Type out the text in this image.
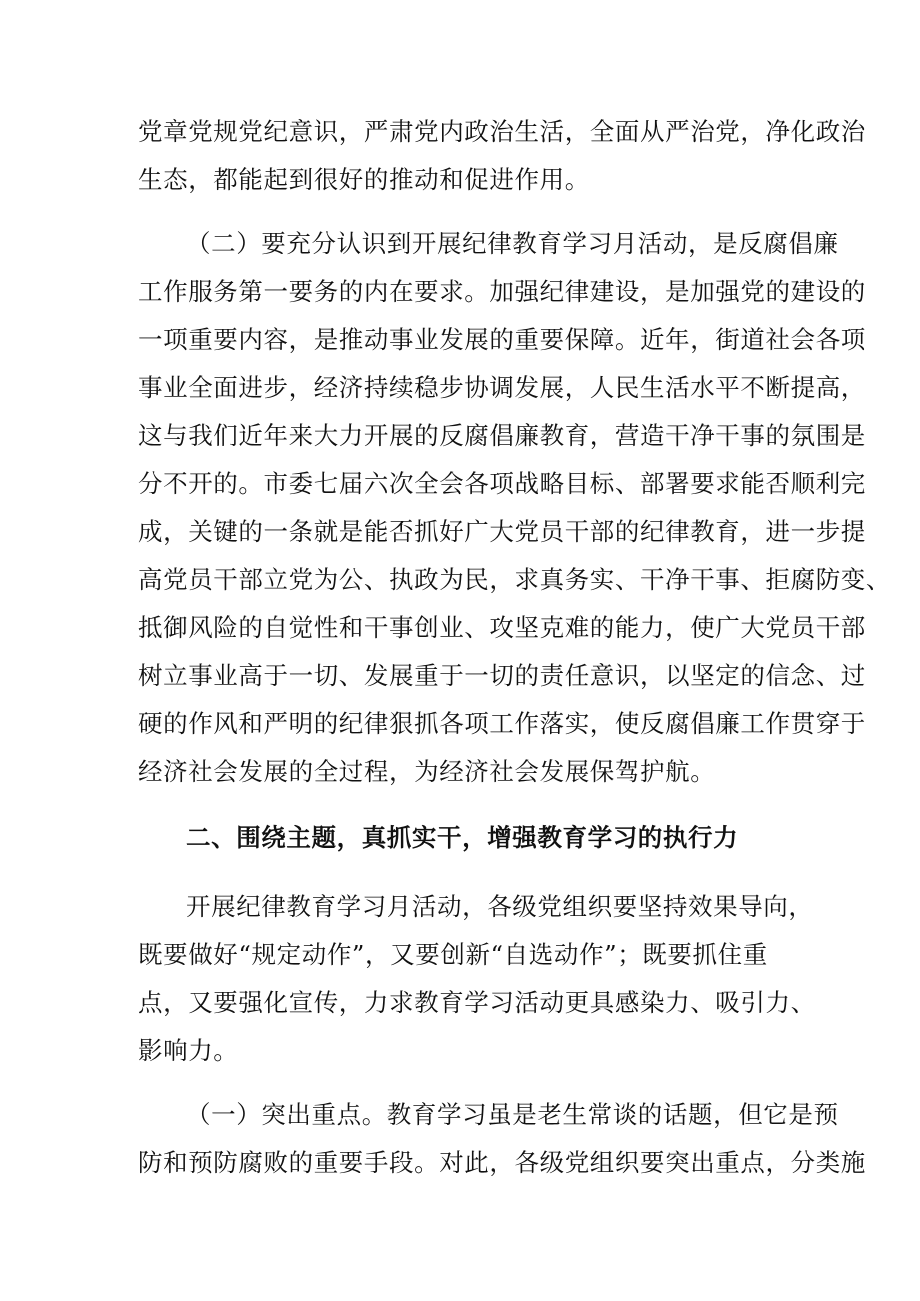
党章党规党纪意识，严肃党内政治生活，全面从严治党，净化政治
生态，都能起到很好的推动和促进作用。
（二）要充分认识到开展纪律教育学习月活动，是反腐倡廉
工作服务第一要务的内在要求。加强纪律建设，是加强党的建设的
一项重要内容，是推动事业发展的重要保障。近年，街道社会各项
事业全面进步，经济持续稳步协调发展，人民生活水平不断提高，
这与我们近年来大力开展的反腐倡廉教育，营造干净干事的氛围是
分不开的。市委七届六次全会各项战略目标、部署要求能否顺利完
成，关键的一条就是能否抓好广大党员干部的纪律教育，进一步提
高党员干部立党为公、执政为民，求真务实、干净干事、拒腐防变、
抵御风险的自觉性和干事创业、攻坚克难的能力，使广大党员干部
树立事业高于一切、发展重于一切的责任意识，以坚定的信念、过
硬的作风和严明的纪律狠抓各项工作落实，使反腐倡廉工作贯穿于
经济社会发展的全过程，为经济社会发展保驾护航。
二、围绕主题，真抓实干，增强教育学习的执行力
开展纪律教育学习月活动，各级党组织要坚持效果导向，
既要做好“规定动作”，又要创新“自选动作”；既要抓住重
点，又要强化宣传，力求教育学习活动更具感染力、吸引力、
影响力。
（一）突出重点。教育学习虽是老生常谈的话题，但它是预
防和预防腐败的重要手段。对此，各级党组织要突出重点，分类施
